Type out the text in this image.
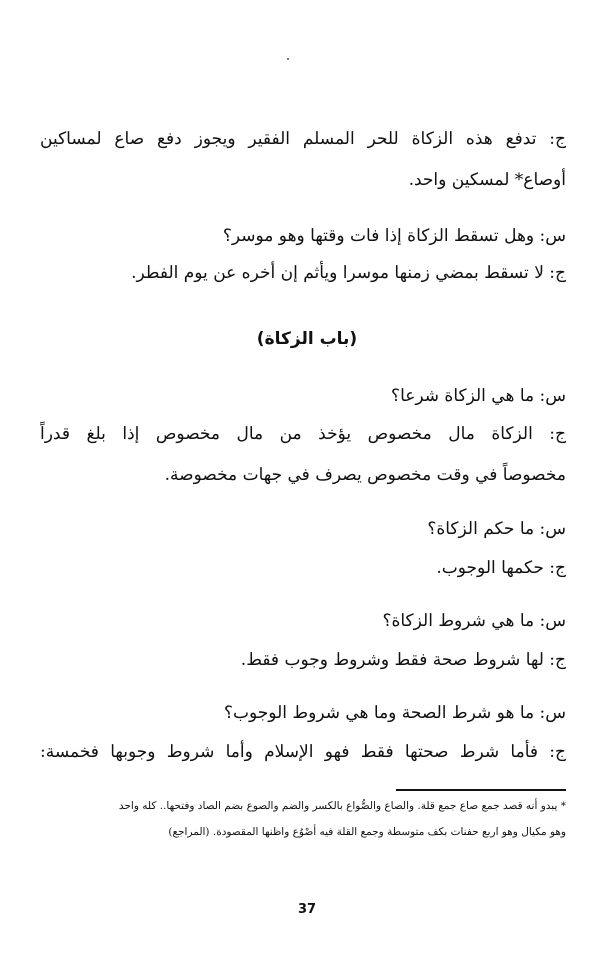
ج: تدفع هذه الزكاة للحر المسلم الفقير ويجوز دفع صاع لمساكين
أوصاع* لمسكين واحد.
س: وهل تسقط الزكاة إذا فات وقتها وهو موسر؟
ج: لا تسقط بمضي زمنها موسرا ويأثم إن أخره عن يوم الفطر.
(باب الزكاة)
س: ما هي الزكاة شرعا؟
ج: الزكاة مال مخصوص يؤخذ من مال مخصوص إذا بلغ قدراً
مخصوصاً في وقت مخصوص يصرف في جهات مخصوصة.
س: ما حكم الزكاة؟
ج: حكمها الوجوب.
س: ما هي شروط الزكاة؟
ج: لها شروط صحة فقط وشروط وجوب فقط.
س: ما هو شرط الصحة وما هي شروط الوجوب؟
ج: فأما شرط صحتها فقط فهو الإسلام وأما شروط وجوبها فخمسة:
* يبدو أنه قصد جمع صاع جمع قلة. والصاع والصُّواع بالكسر والضم والصوع بضم الصاد وفتحها.. كله واحد
وهو مكيال وهو اربع حفنات بكف متوسطة وجمع القلة فيه أصْوُع واظنها المقصودة. (المراجع)
37
